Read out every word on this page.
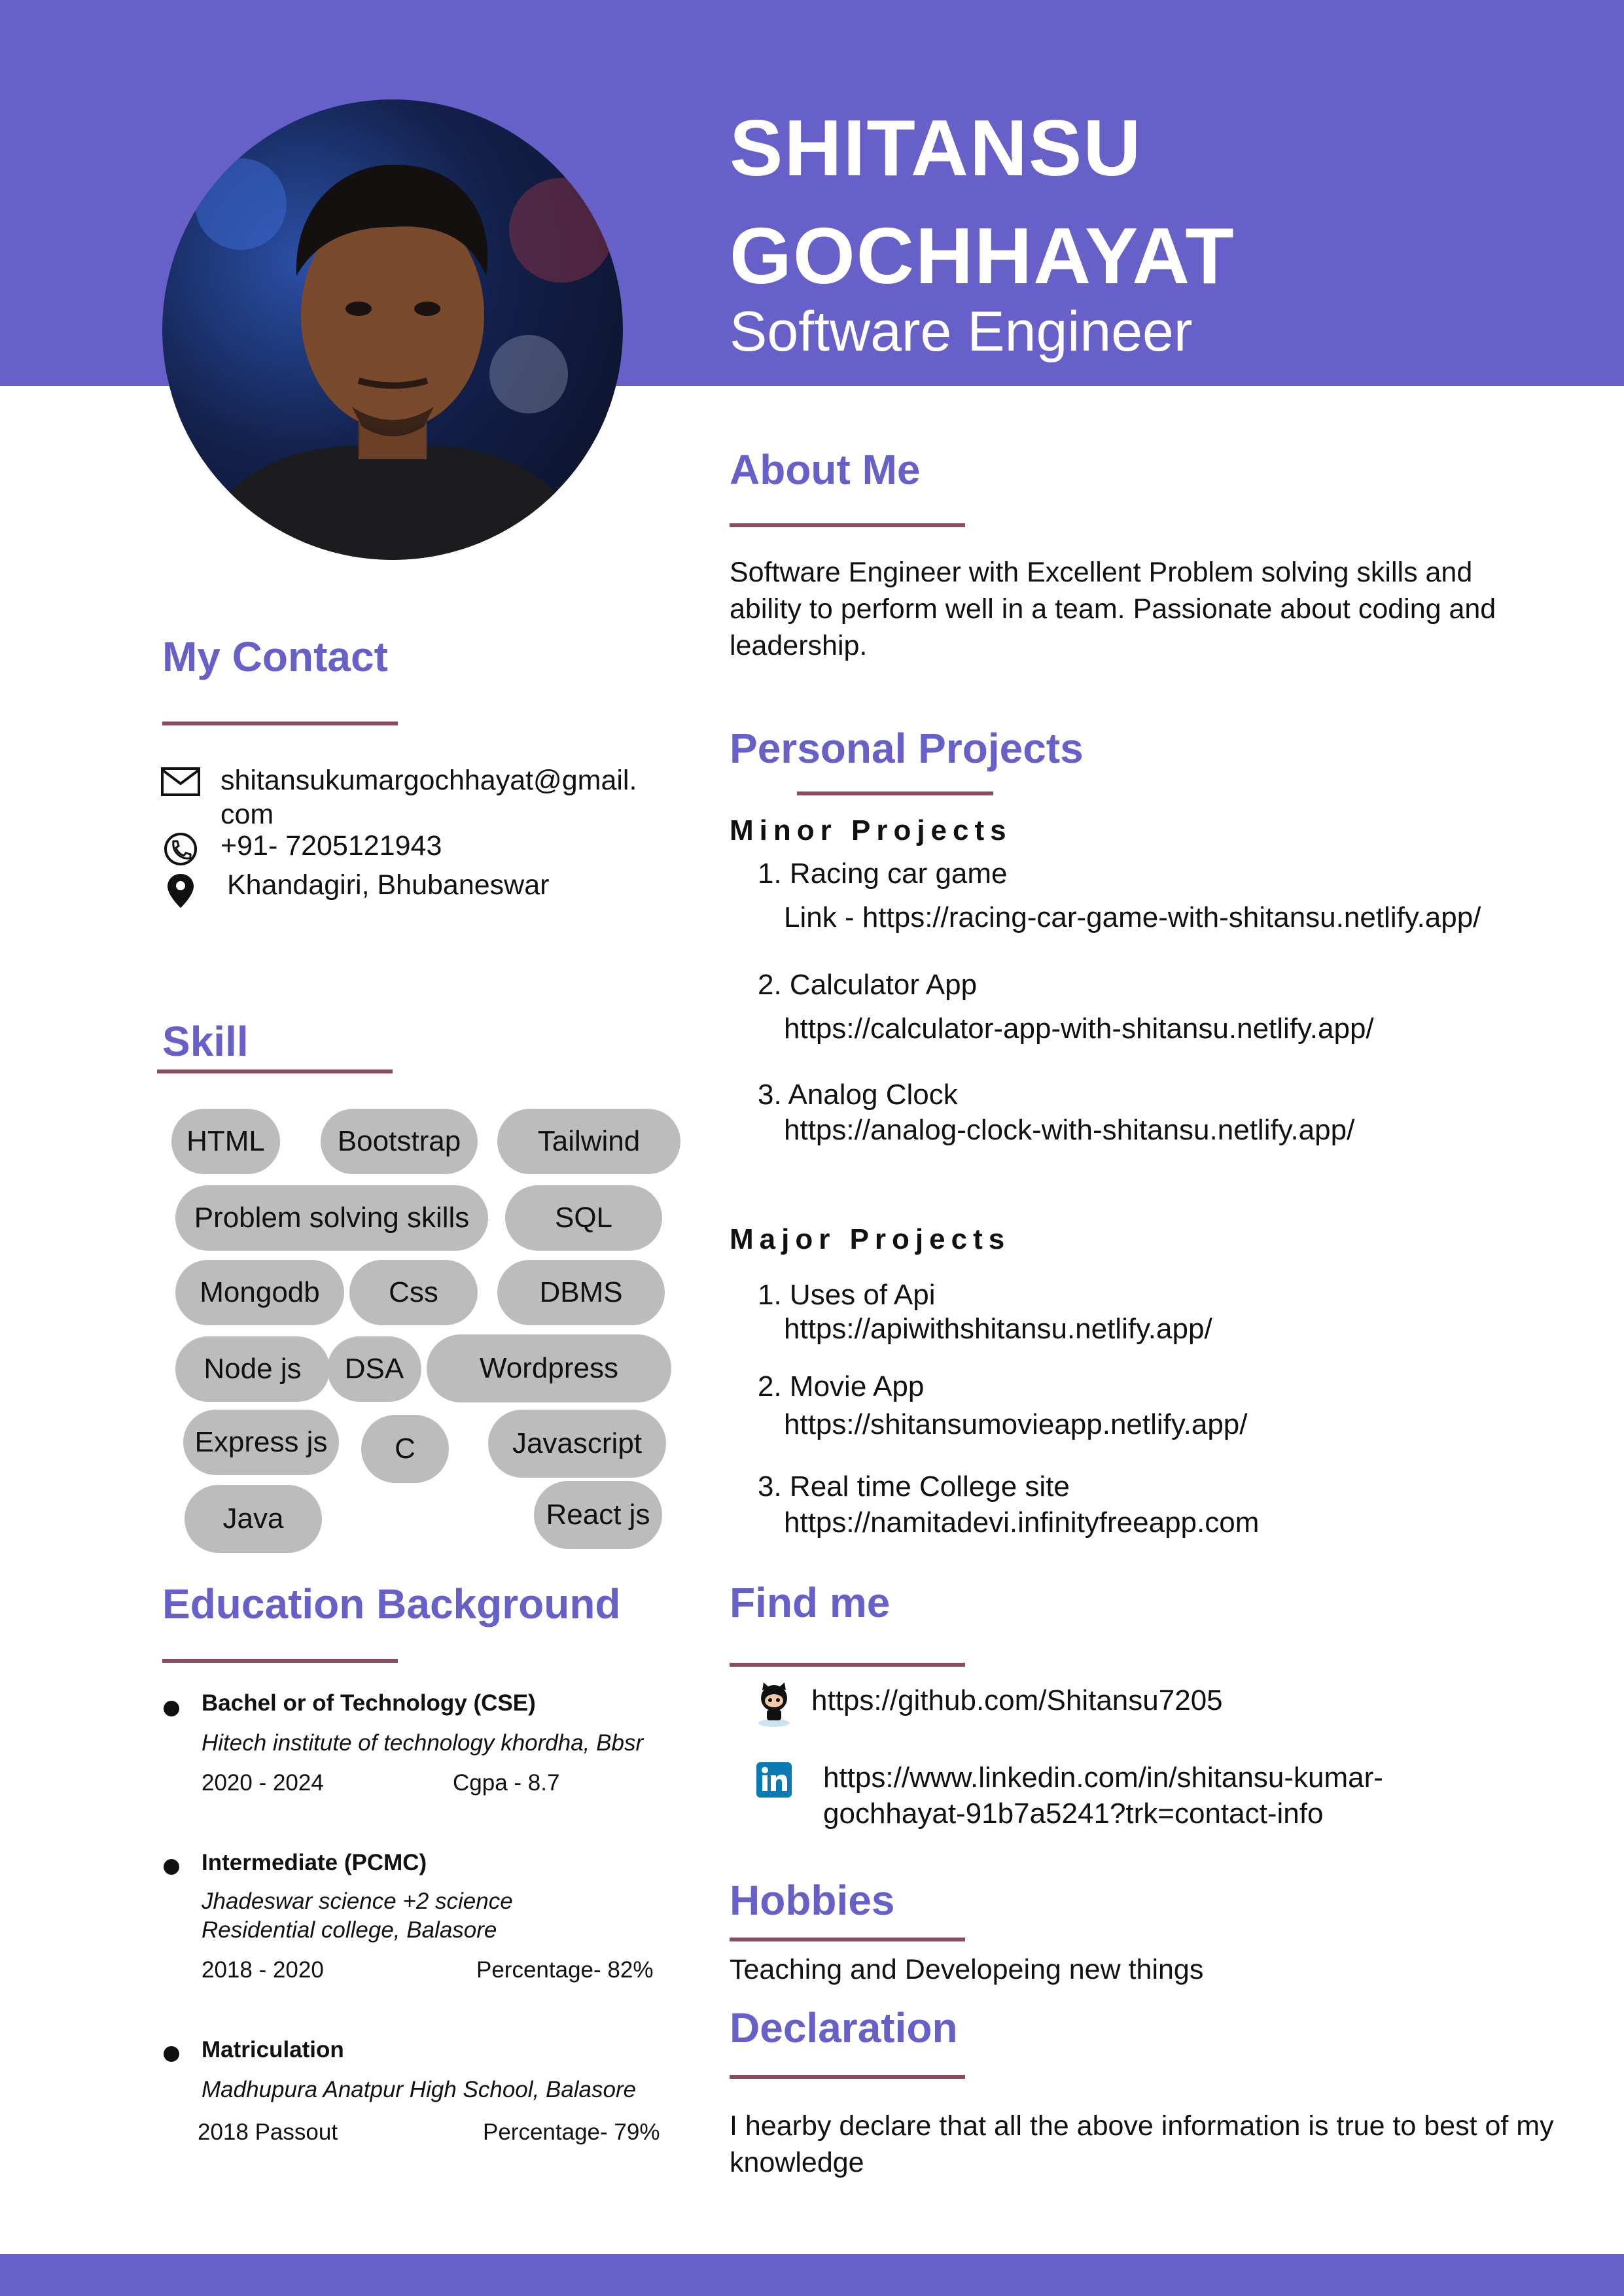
SHITANSU
GOCHHAYAT
Software Engineer
My Contact
shitansukumargochhayat@gmail.
com
+91- 7205121943
Khandagiri, Bhubaneswar
Skill
HTML	Bootstrap	Tailwind
Problem solving skills	SQL
Mongodb	Css	DBMS
Node js	DSA	Wordpress
Express js	C	Javascript
Java	React js
Education Background
Bachel or of Technology (CSE)
Hitech institute of technology khordha, Bbsr
2020 - 2024	Cgpa - 8.7
Intermediate (PCMC)
Jhadeswar science +2 science
Residential college, Balasore
2018 - 2020	Percentage- 82%
Matriculation
Madhupura Anatpur High School, Balasore
2018 Passout	Percentage- 79%
About Me
Software Engineer with Excellent Problem solving skills and ability to perform well in a team. Passionate about coding and leadership.
Personal Projects
Minor Projects
1. Racing car game
Link - https://racing-car-game-with-shitansu.netlify.app/
2. Calculator App
https://calculator-app-with-shitansu.netlify.app/
3. Analog Clock
https://analog-clock-with-shitansu.netlify.app/
Major Projects
1. Uses of Api
https://apiwithshitansu.netlify.app/
2. Movie App
https://shitansumovieapp.netlify.app/
3. Real time College site
https://namitadevi.infinityfreeapp.com
Find me
https://github.com/Shitansu7205
https://www.linkedin.com/in/shitansu-kumar-
gochhayat-91b7a5241?trk=contact-info
Hobbies
Teaching and Developeing new things
Declaration
I hearby declare that all the above information is true to best of my knowledge
